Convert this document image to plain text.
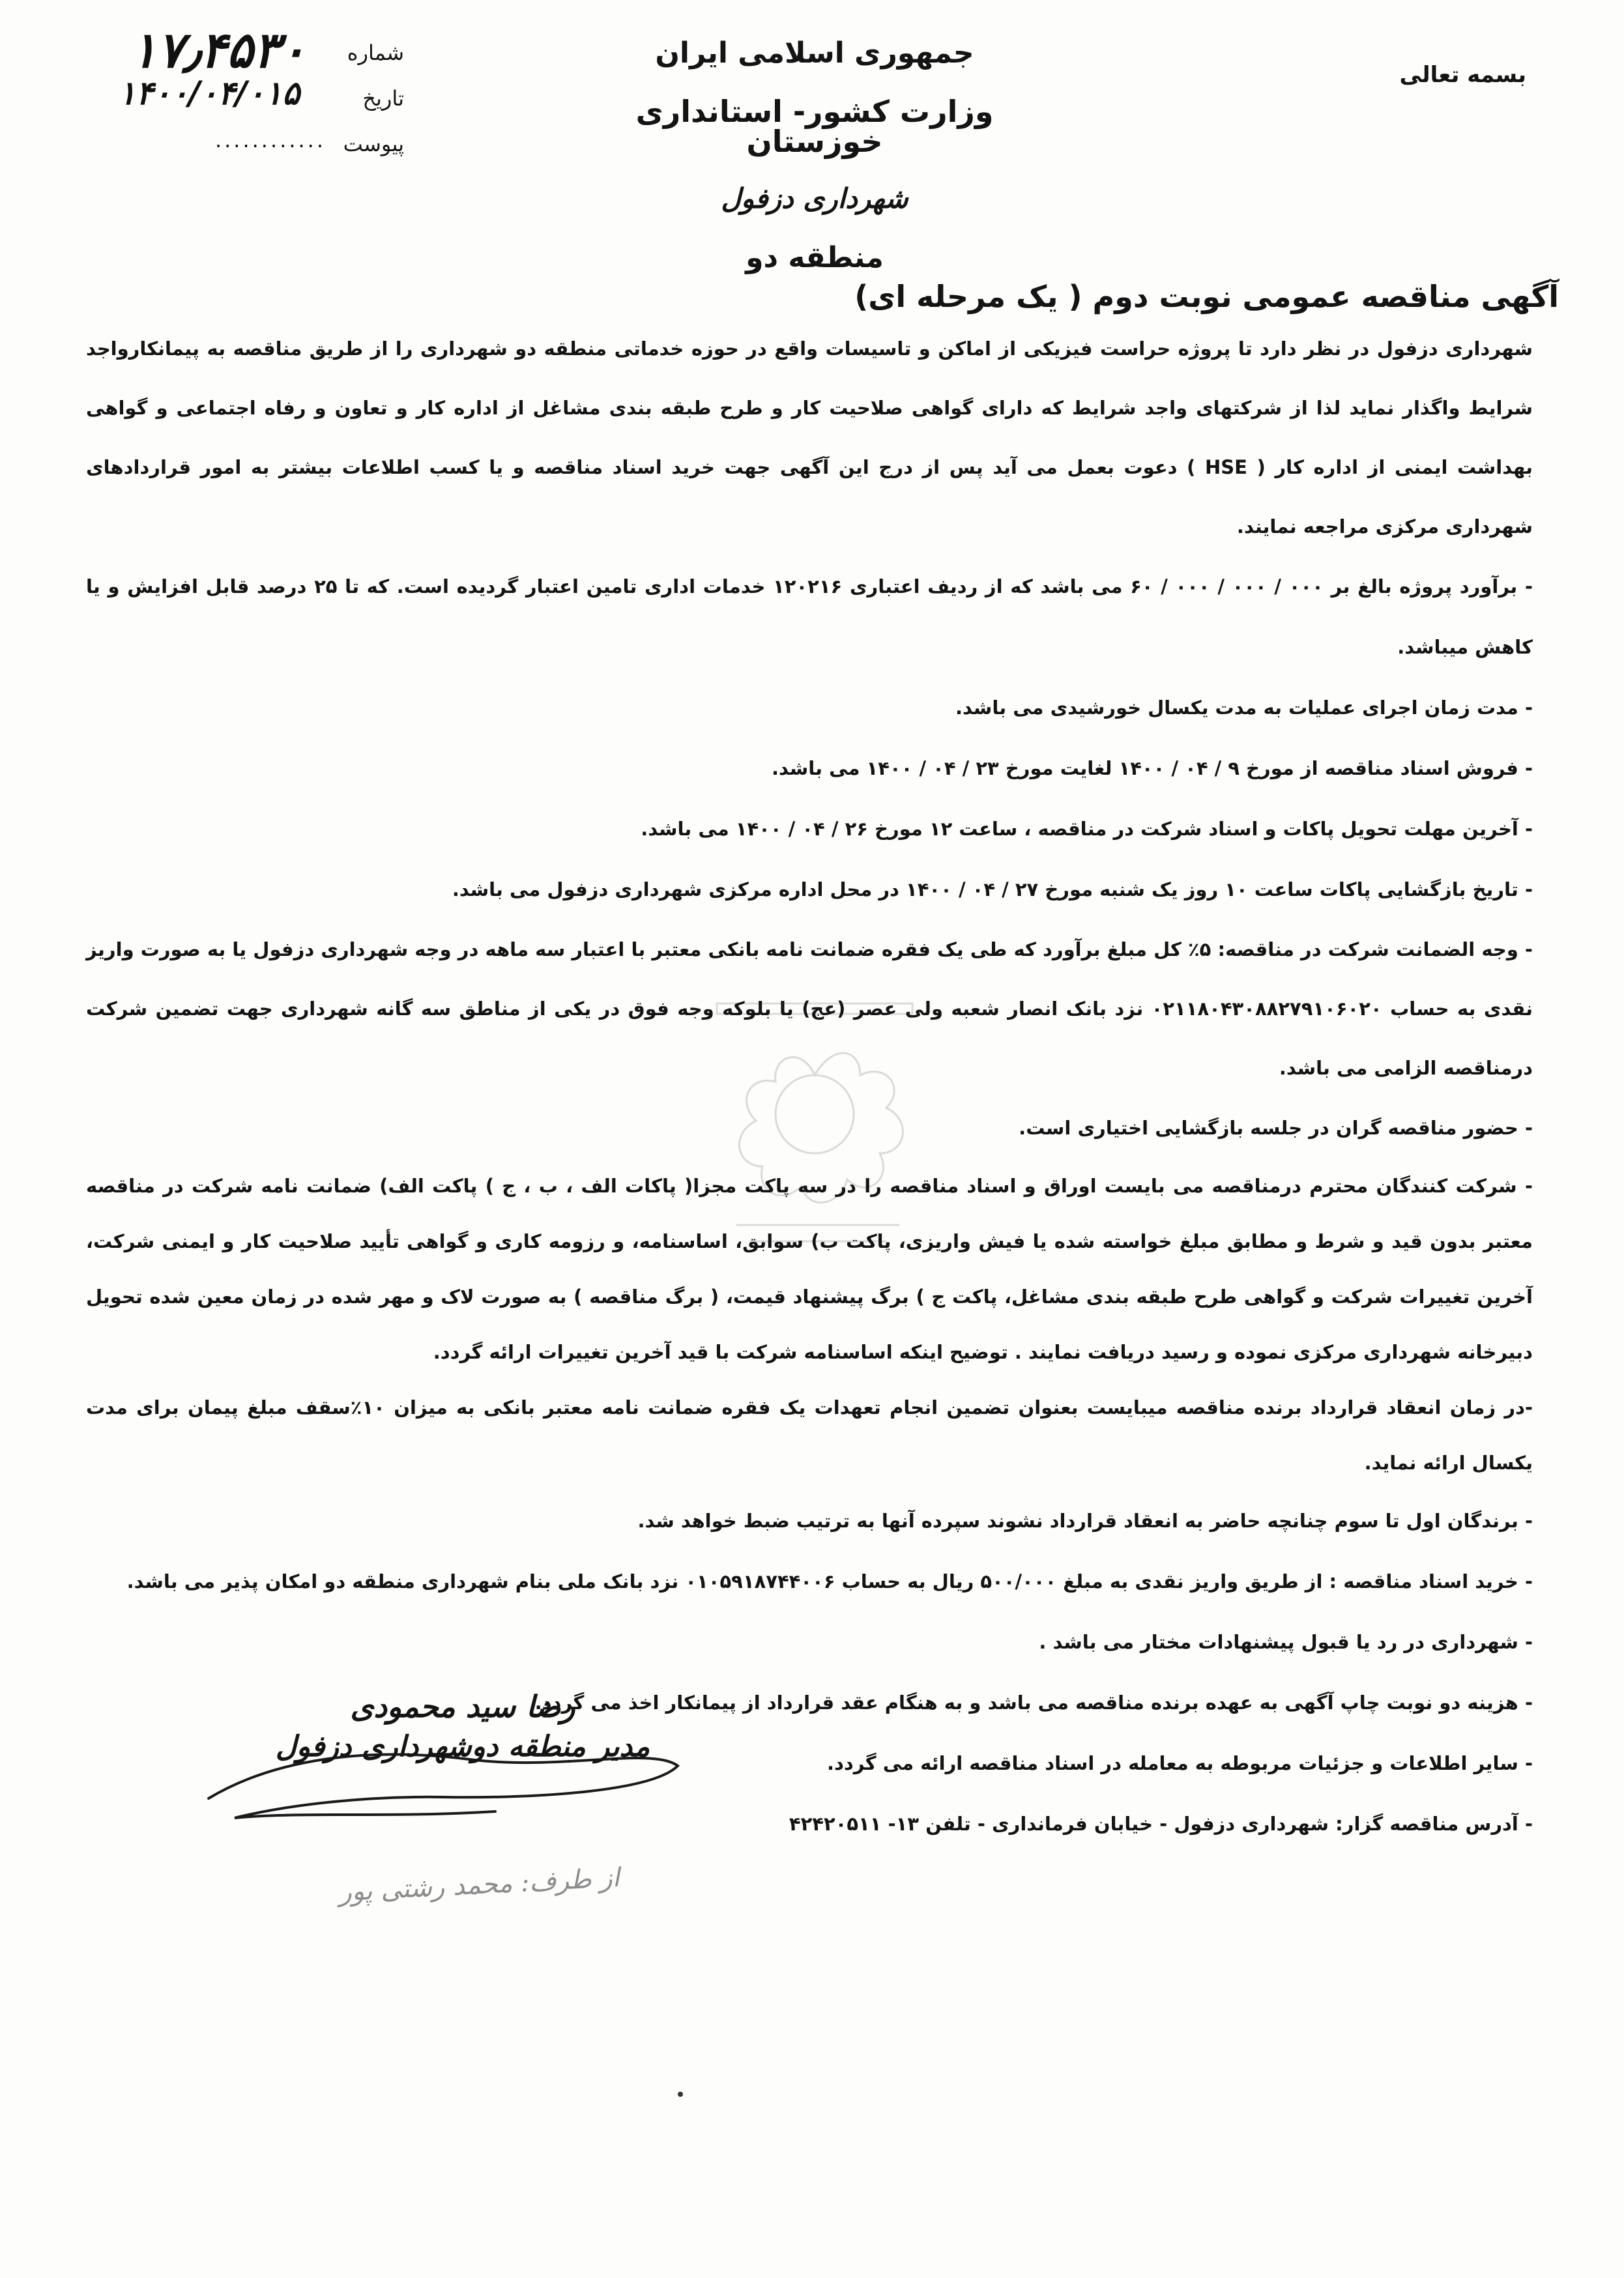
بسمه تعالی
جمهوری اسلامی ایران
وزارت کشور- استانداری خوزستان
شهرداری دزفول
منطقه دو
شماره
۱۷٫۴۵۳۰
تاریخ
۱۴۰۰/۰۴/۰۱۵
پیوست
............
آگهی مناقصه عمومی نوبت دوم ( یک مرحله ای)

شهرداری دزفول در نظر دارد تا پروژه حراست فیزیکی از اماکن و تاسیسات واقع در حوزه خدماتی منطقه دو شهرداری را از طریق مناقصه به پیمانکارواجد شرایط واگذار نماید لذا از شرکتهای واجد شرایط که دارای گواهی صلاحیت کار و طرح طبقه بندی مشاغل از اداره کار و تعاون و رفاه اجتماعی و گواهی بهداشت ایمنی از اداره کار ( HSE ) دعوت بعمل می آید پس از درج این آگهی جهت خرید اسناد مناقصه و یا کسب اطلاعات بیشتر به امور قراردادهای شهرداری مرکزی مراجعه نمایند.

- برآورد پروژه بالغ بر ۰۰۰ / ۰۰۰ / ۰۰۰ / ۶۰ می باشد که از ردیف اعتباری ۱۲۰۲۱۶ خدمات اداری تامین اعتبار گردیده است. که تا ۲۵ درصد قابل افزایش و یا کاهش میباشد.

- مدت زمان اجرای عملیات به مدت یکسال خورشیدی می باشد.

- فروش اسناد مناقصه از مورخ ۹ / ۰۴ / ۱۴۰۰ لغایت مورخ ۲۳ / ۰۴ / ۱۴۰۰ می باشد.

- آخرین مهلت تحویل پاکات و اسناد شرکت در مناقصه ، ساعت ۱۲ مورخ ۲۶ / ۰۴ / ۱۴۰۰ می باشد.

- تاریخ بازگشایی پاکات ساعت ۱۰ روز یک شنبه مورخ ۲۷ / ۰۴ / ۱۴۰۰ در محل اداره مرکزی شهرداری دزفول می باشد.

- وجه الضمانت شرکت در مناقصه: ۵٪ کل مبلغ برآورد که طی یک فقره ضمانت نامه بانکی معتبر با اعتبار سه ماهه در وجه شهرداری دزفول یا به صورت واریز نقدی به حساب ۰۲۱۱۸۰۴۳۰۸۸۲۷۹۱۰۶۰۲۰ نزد بانک انصار شعبه ولی عصر (عج) یا بلوکه وجه فوق در یکی از مناطق سه گانه شهرداری جهت تضمین شرکت درمناقصه الزامی می باشد.

- حضور مناقصه گران در جلسه بازگشایی اختیاری است.

- شرکت کنندگان محترم درمناقصه می بایست اوراق و اسناد مناقصه را در سه پاکت مجزا( پاکات الف ، ب ، ج ) پاکت الف) ضمانت نامه شرکت در مناقصه معتبر بدون قید و شرط و مطابق مبلغ خواسته شده یا فیش واریزی، پاکت ب) سوابق، اساسنامه، و رزومه کاری و گواهی تأیید صلاحیت کار و ایمنی شرکت، آخرین تغییرات شرکت و گواهی طرح طبقه بندی مشاغل، پاکت ج ) برگ پیشنهاد قیمت، ( برگ مناقصه ) به صورت لاک و مهر شده در زمان معین شده تحویل دبیرخانه شهرداری مرکزی نموده و رسید دریافت نمایند . توضیح اینکه اساسنامه شرکت با قید آخرین تغییرات ارائه گردد.

-در زمان انعقاد قرارداد برنده مناقصه میبایست بعنوان تضمین انجام تعهدات یک فقره ضمانت نامه معتبر بانکی به میزان ۱۰٪سقف مبلغ پیمان برای مدت یکسال ارائه نماید.

- برندگان اول تا سوم چنانچه حاضر به انعقاد قرارداد نشوند سپرده آنها به ترتیب ضبط خواهد شد.

- خرید اسناد مناقصه : از طریق واریز نقدی به مبلغ ۵۰۰/۰۰۰ ریال به حساب ۰۱۰۵۹۱۸۷۴۴۰۰۶ نزد بانک ملی بنام شهرداری منطقه دو امکان پذیر می باشد.

- شهرداری در رد یا قبول پیشنهادات مختار می باشد .

- هزینه دو نوبت چاپ آگهی به عهده برنده مناقصه می باشد و به هنگام عقد قرارداد از پیمانکار اخذ می گردد.

- سایر اطلاعات و جزئیات مربوطه به معامله در اسناد مناقصه ارائه می گردد.

- آدرس مناقصه گزار: شهرداری دزفول - خیابان فرمانداری - تلفن ۱۳- ۴۲۴۲۰۵۱۱

رضا سید محمودی
مدیر منطقه دوشهرداری دزفول
از طرف: محمد رشتی پور
